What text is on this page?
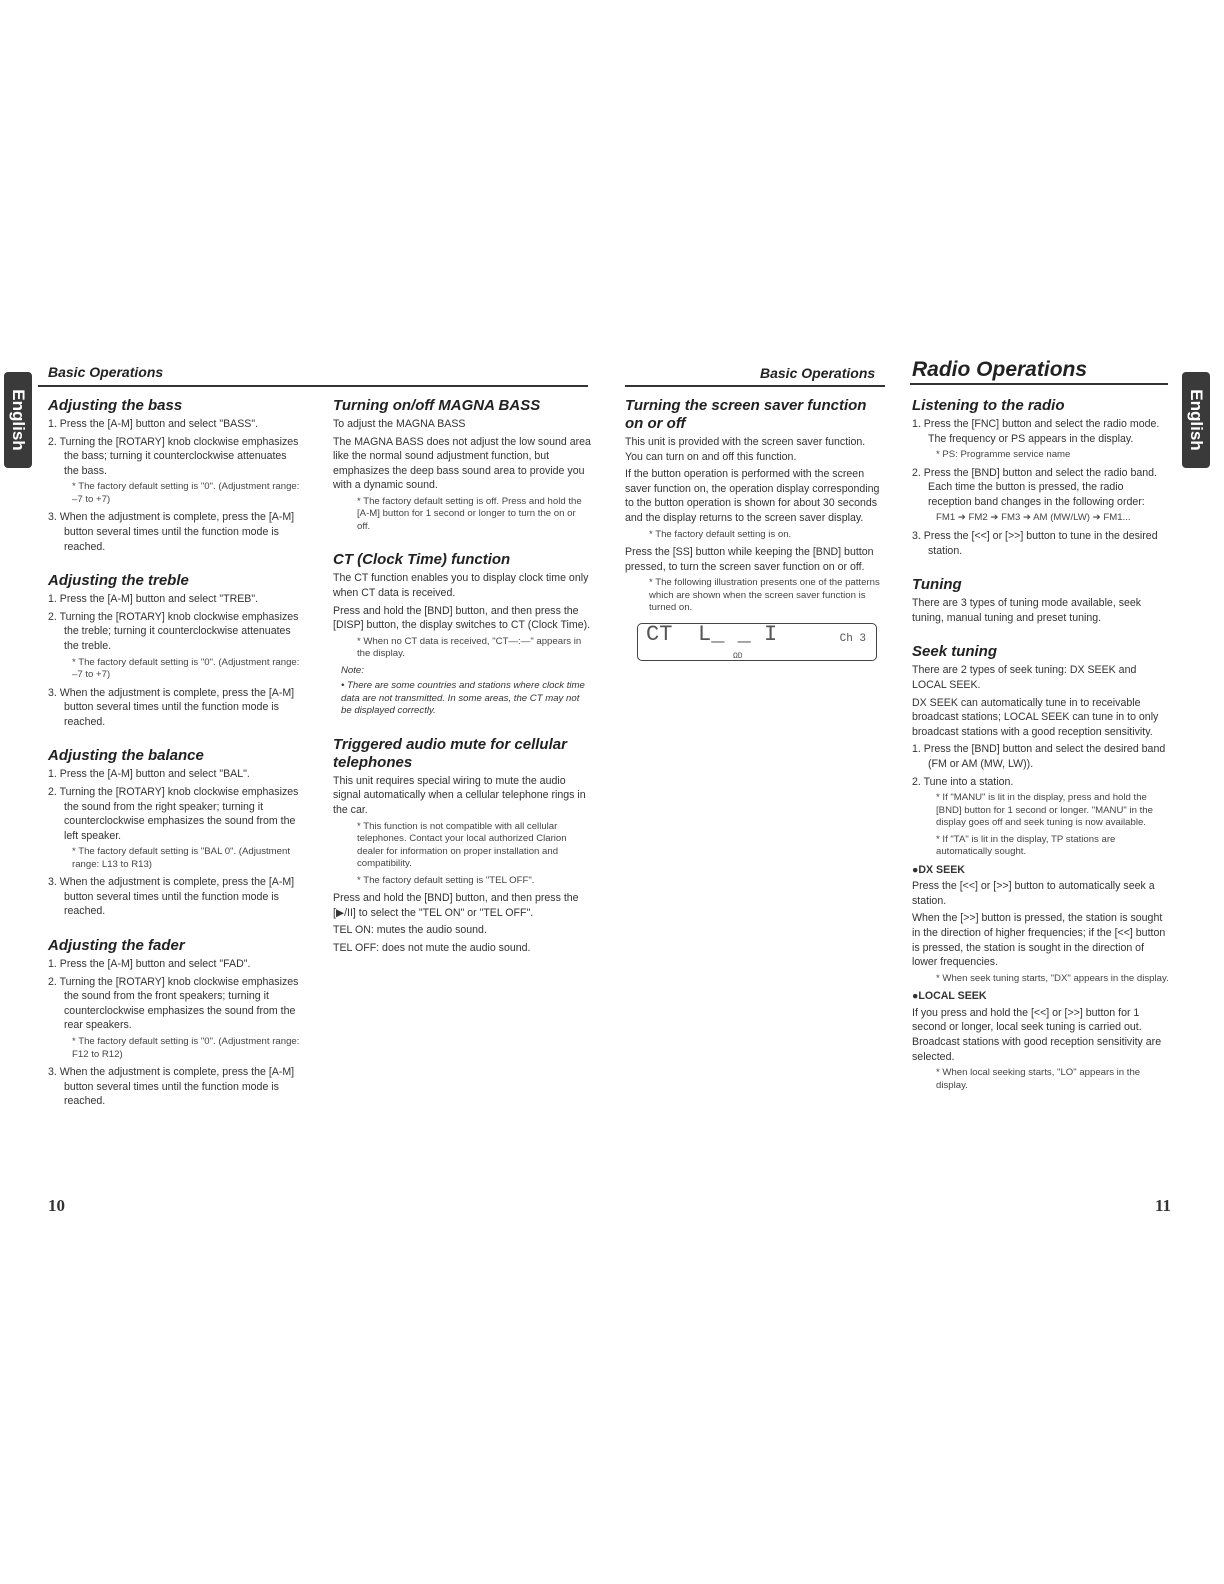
English	English
Basic Operations	Basic Operations Radio Operations
Adjusting the bass
1. Press the [A-M] button and select "BASS".
2. Turning the [ROTARY] knob clockwise emphasizes the bass; turning it counterclockwise attenuates the bass.
* The factory default setting is "0". (Adjustment range: –7 to +7)
3. When the adjustment is complete, press the [A-M] button several times until the function mode is reached.
Adjusting the treble
1. Press the [A-M] button and select "TREB".
2. Turning the [ROTARY] knob clockwise emphasizes the treble; turning it counterclockwise attenuates the treble.
* The factory default setting is "0". (Adjustment range: –7 to +7)
3. When the adjustment is complete, press the [A-M] button several times until the function mode is reached.
Adjusting the balance
1. Press the [A-M] button and select "BAL".
2. Turning the [ROTARY] knob clockwise emphasizes the sound from the right speaker; turning it counterclockwise emphasizes the sound from the left speaker.
* The factory default setting is "BAL 0". (Adjustment range: L13 to R13)
3. When the adjustment is complete, press the [A-M] button several times until the function mode is reached.
Adjusting the fader
1. Press the [A-M] button and select "FAD".
2. Turning the [ROTARY] knob clockwise emphasizes the sound from the front speakers; turning it counterclockwise emphasizes the sound from the rear speakers.
* The factory default setting is "0". (Adjustment range: F12 to R12)
3. When the adjustment is complete, press the [A-M] button several times until the function mode is reached.
Turning on/off MAGNA BASS
To adjust the MAGNA BASS
The MAGNA BASS does not adjust the low sound area like the normal sound adjustment function, but emphasizes the deep bass sound area to provide you with a dynamic sound.
* The factory default setting is off. Press and hold the [A-M] button for 1 second or longer to turn the on or off.
CT (Clock Time) function
The CT function enables you to display clock time only when CT data is received.
Press and hold the [BND] button, and then press the [DISP] button, the display switches to CT (Clock Time).
* When no CT data is received, "CT—:—" appears in the display.
Note:
• There are some countries and stations where clock time data are not transmitted. In some areas, the CT may not be displayed correctly.
Triggered audio mute for cellular telephones
This unit requires special wiring to mute the audio signal automatically when a cellular telephone rings in the car.
* This function is not compatible with all cellular telephones. Contact your local authorized Clarion dealer for information on proper installation and compatibility.
* The factory default setting is "TEL OFF".
Press and hold the [BND] button, and then press the [▶/II] to select the "TEL ON" or "TEL OFF".
TEL ON: mutes the audio sound.
TEL OFF: does not mute the audio sound.
Turning the screen saver function on or off
This unit is provided with the screen saver function. You can turn on and off this function.
If the button operation is performed with the screen saver function on, the operation display corresponding to the button operation is shown for about 30 seconds and the display returns to the screen saver display.
* The factory default setting is on.
Press the [SS] button while keeping the [BND] button pressed, to turn the screen saver function on or off.
* The following illustration presents one of the patterns which are shown when the screen saver function is turned on.
CT L_ _ I	Ch 3
ΩD
Listening to the radio
1. Press the [FNC] button and select the radio mode. The frequency or PS appears in the display.
* PS: Programme service name
2. Press the [BND] button and select the radio band. Each time the button is pressed, the radio reception band changes in the following order:
FM1 ➔ FM2 ➔ FM3 ➔ AM (MW/LW) ➔ FM1...
3. Press the [<<] or [>>] button to tune in the desired station.
Tuning
There are 3 types of tuning mode available, seek tuning, manual tuning and preset tuning.
Seek tuning
There are 2 types of seek tuning: DX SEEK and LOCAL SEEK.
DX SEEK can automatically tune in to receivable broadcast stations; LOCAL SEEK can tune in to only broadcast stations with a good reception sensitivity.
1. Press the [BND] button and select the desired band (FM or AM (MW, LW)).
2. Tune into a station.
* If "MANU" is lit in the display, press and hold the [BND] button for 1 second or longer. "MANU" in the display goes off and seek tuning is now available.
* If "TA" is lit in the display, TP stations are automatically sought.
●DX SEEK
Press the [<<] or [>>] button to automatically seek a station.
When the [>>] button is pressed, the station is sought in the direction of higher frequencies; if the [<<] button is pressed, the station is sought in the direction of lower frequencies.
* When seek tuning starts, "DX" appears in the display.
●LOCAL SEEK
If you press and hold the [<<] or [>>] button for 1 second or longer, local seek tuning is carried out. Broadcast stations with good reception sensitivity are selected.
* When local seeking starts, "LO" appears in the display.
10	11
